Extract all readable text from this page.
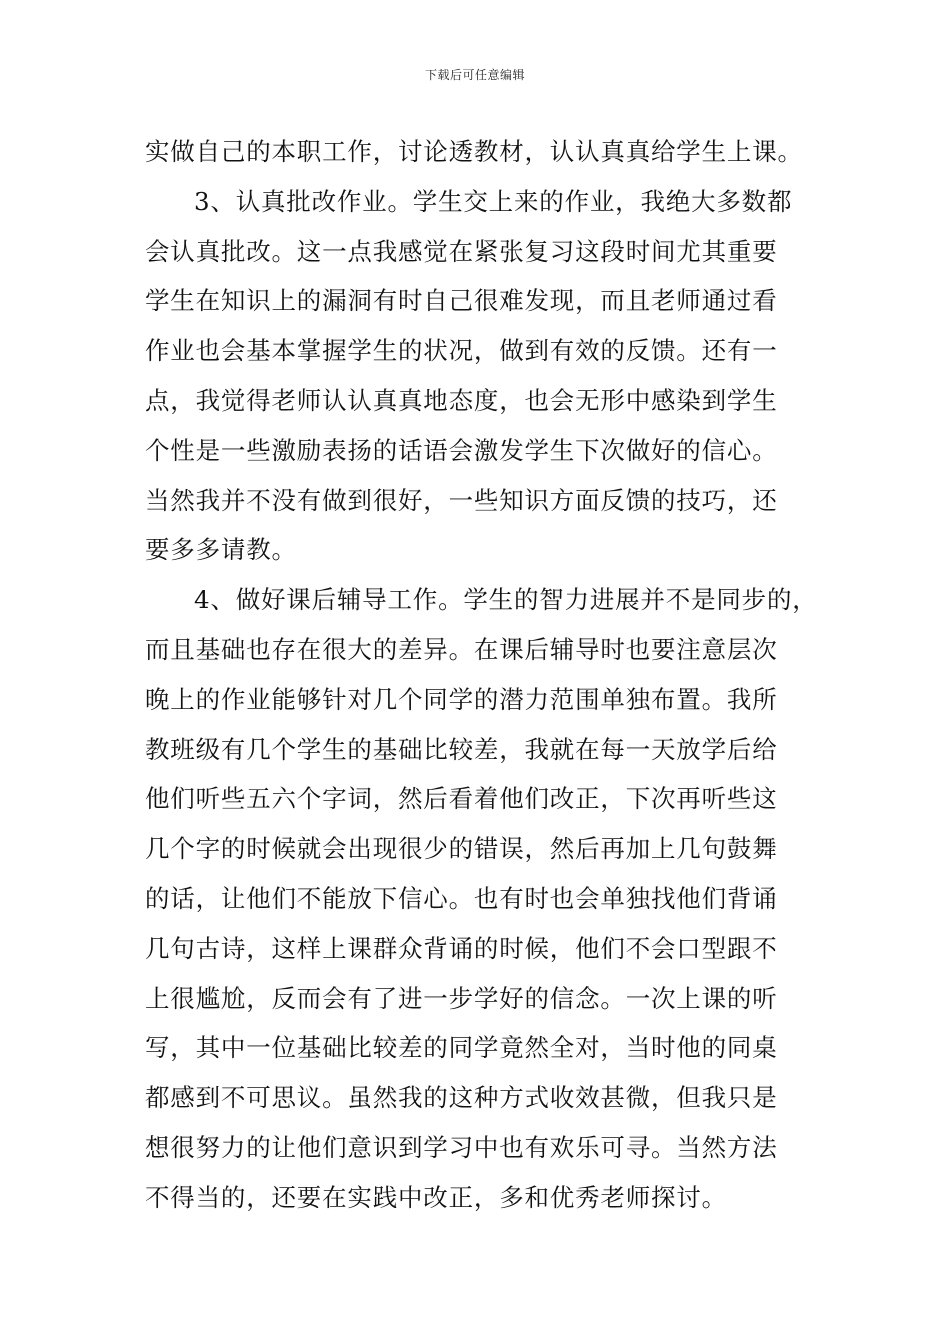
下载后可任意编辑
实做自己的本职工作，讨论透教材，认认真真给学生上课。
3、认真批改作业。学生交上来的作业，我绝大多数都
会认真批改。这一点我感觉在紧张复习这段时间尤其重要
学生在知识上的漏洞有时自己很难发现，而且老师通过看
作业也会基本掌握学生的状况，做到有效的反馈。还有一
点，我觉得老师认认真真地态度，也会无形中感染到学生
个性是一些激励表扬的话语会激发学生下次做好的信心。
当然我并不没有做到很好，一些知识方面反馈的技巧，还
要多多请教。
4、做好课后辅导工作。学生的智力进展并不是同步的，
而且基础也存在很大的差异。在课后辅导时也要注意层次
晚上的作业能够针对几个同学的潜力范围单独布置。我所
教班级有几个学生的基础比较差，我就在每一天放学后给
他们听些五六个字词，然后看着他们改正，下次再听些这
几个字的时候就会出现很少的错误，然后再加上几句鼓舞
的话，让他们不能放下信心。也有时也会单独找他们背诵
几句古诗，这样上课群众背诵的时候，他们不会口型跟不
上很尴尬，反而会有了进一步学好的信念。一次上课的听
写，其中一位基础比较差的同学竟然全对，当时他的同桌
都感到不可思议。虽然我的这种方式收效甚微，但我只是
想很努力的让他们意识到学习中也有欢乐可寻。当然方法
不得当的，还要在实践中改正，多和优秀老师探讨。
